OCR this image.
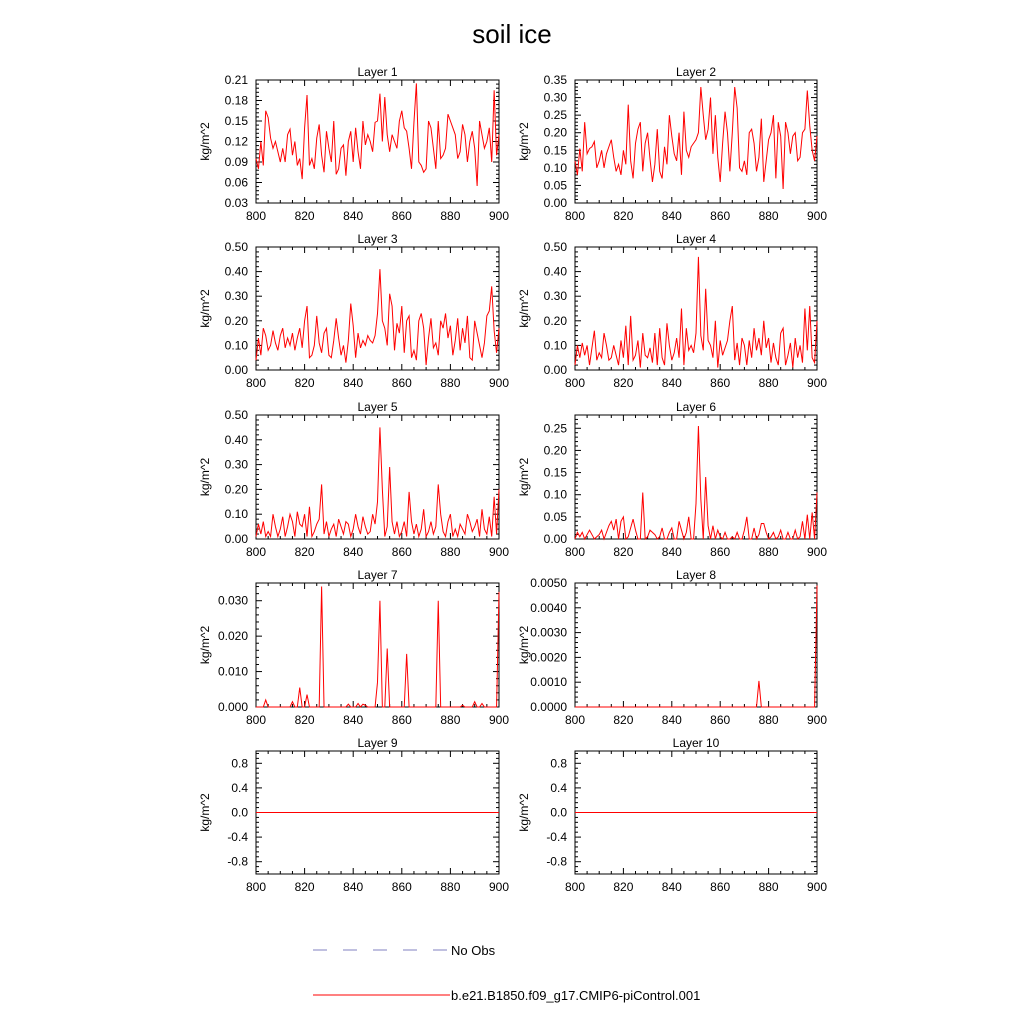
soil ice
Layer 1
kg/m^2
800 820 840 860 880 900
0.03
0.06
0.09
0.12
0.15
0.18
0.21
Layer 2
kg/m^2
800 820 840 860 880 900
0.00
0.05
0.10
0.15
0.20
0.25
0.30
0.35
Layer 3
kg/m^2
800 820 840 860 880 900
0.00
0.10
0.20
0.30
0.40
0.50
Layer 4
kg/m^2
800 820 840 860 880 900
0.00
0.10
0.20
0.30
0.40
0.50
Layer 5
kg/m^2
800 820 840 860 880 900
0.00
0.10
0.20
0.30
0.40
0.50
Layer 6
kg/m^2
800 820 840 860 880 900
0.00
0.05
0.10
0.15
0.20
0.25
Layer 7
kg/m^2
800 820 840 860 880 900
0.000
0.010
0.020
0.030
Layer 8
kg/m^2
800 820 840 860 880 900
0.0000
0.0010
0.0020
0.0030
0.0040
0.0050
Layer 9
kg/m^2
800 820 840 860 880 900
-0.8
-0.4
0.0
0.4
0.8
Layer 10
kg/m^2
800 820 840 860 880 900
-0.8
-0.4
0.0
0.4
0.8
No Obs
b.e21.B1850.f09_g17.CMIP6-piControl.001
